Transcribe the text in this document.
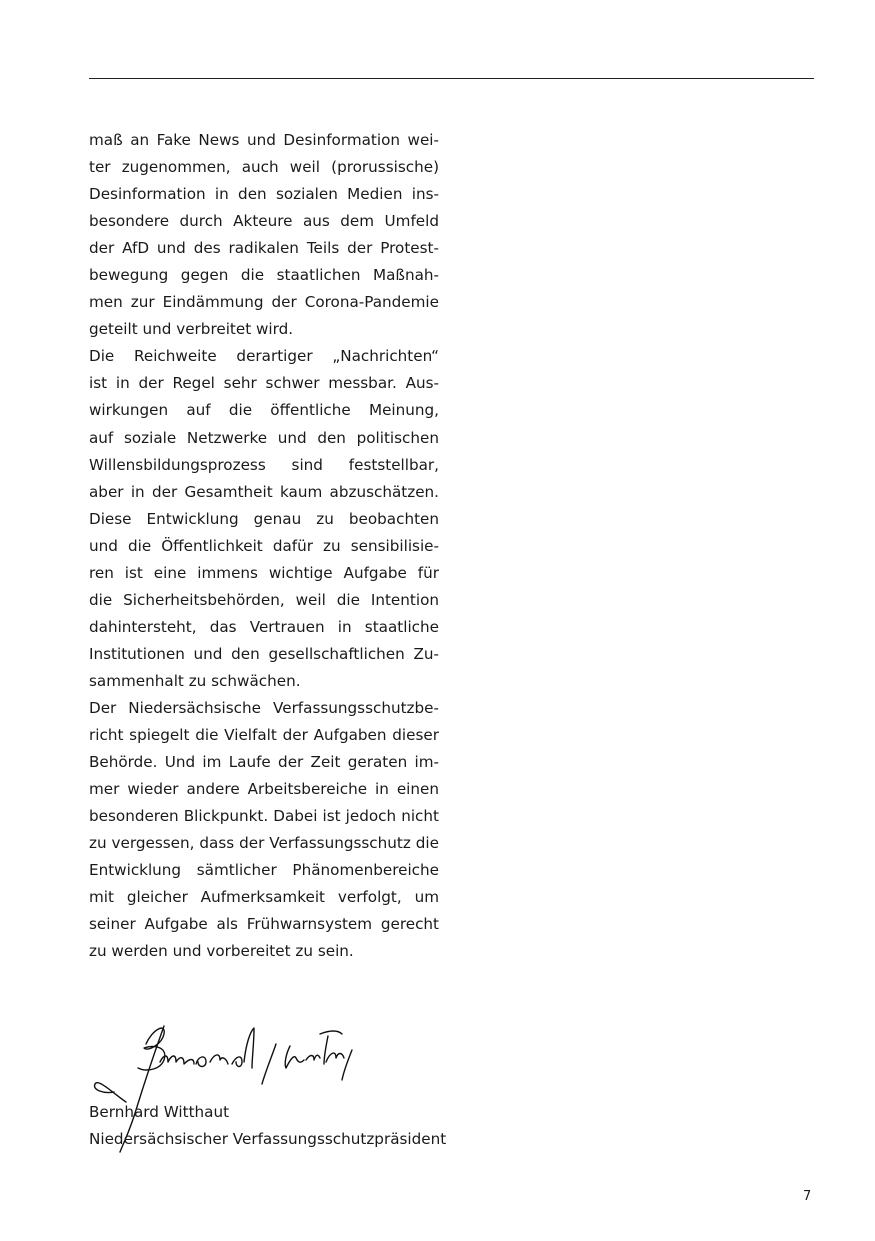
maß an Fake News und Desinformation wei-
ter zugenommen, auch weil (prorussische)
Desinformation in den sozialen Medien ins-
besondere durch Akteure aus dem Umfeld
der AfD und des radikalen Teils der Protest-
bewegung gegen die staatlichen Maßnah-
men zur Eindämmung der Corona-Pandemie
geteilt und verbreitet wird.
Die Reichweite derartiger „Nachrichten“
ist in der Regel sehr schwer messbar. Aus-
wirkungen auf die öffentliche Meinung,
auf soziale Netzwerke und den politischen
Willensbildungsprozess sind feststellbar,
aber in der Gesamtheit kaum abzuschätzen.
Diese Entwicklung genau zu beobachten
und die Öffentlichkeit dafür zu sensibilisie-
ren ist eine immens wichtige Aufgabe für
die Sicherheitsbehörden, weil die Intention
dahintersteht, das Vertrauen in staatliche
Institutionen und den gesellschaftlichen Zu-
sammenhalt zu schwächen.
Der Niedersächsische Verfassungsschutzbe-
richt spiegelt die Vielfalt der Aufgaben dieser
Behörde. Und im Laufe der Zeit geraten im-
mer wieder andere Arbeitsbereiche in einen
besonderen Blickpunkt. Dabei ist jedoch nicht
zu vergessen, dass der Verfassungsschutz die
Entwicklung sämtlicher Phänomenbereiche
mit gleicher Aufmerksamkeit verfolgt, um
seiner Aufgabe als Frühwarnsystem gerecht
zu werden und vorbereitet zu sein.
Bernhard Witthaut
Niedersächsischer Verfassungsschutzpräsident
7
